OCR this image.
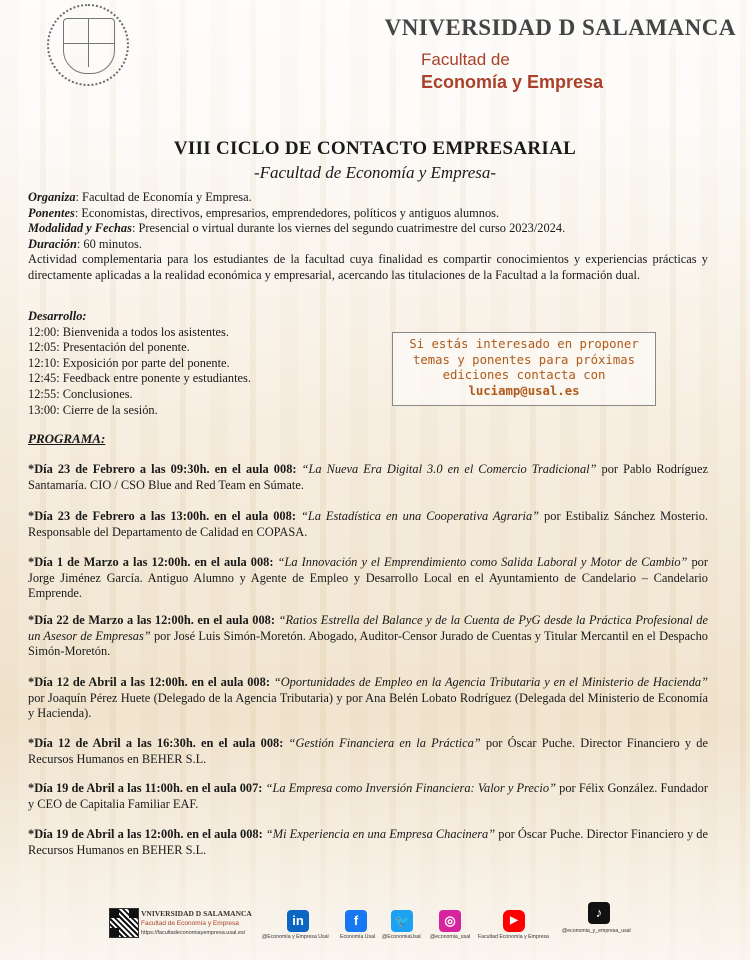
VNIVERSIDAD D SALAMANCA
Facultad de
Economía y Empresa
VIII CICLO DE CONTACTO EMPRESARIAL
-Facultad de Economía y Empresa-
Organiza: Facultad de Economía y Empresa.
Ponentes: Economistas, directivos, empresarios, emprendedores, políticos y antiguos alumnos.
Modalidad y Fechas: Presencial o virtual durante los viernes del segundo cuatrimestre del curso 2023/2024.
Duración: 60 minutos.
Actividad complementaria para los estudiantes de la facultad cuya finalidad es compartir conocimientos y experiencias prácticas y directamente aplicadas a la realidad económica y empresarial, acercando las titulaciones de la Facultad a la formación dual.
Desarrollo:
12:00: Bienvenida a todos los asistentes.
12:05: Presentación del ponente.
12:10: Exposición por parte del ponente.
12:45: Feedback entre ponente y estudiantes.
12:55: Conclusiones.
13:00: Cierre de la sesión.
Si estás interesado en proponer
temas y ponentes para próximas
ediciones contacta con
luciamp@usal.es
PROGRAMA:
*Día 23 de Febrero a las 09:30h. en el aula 008: “La Nueva Era Digital 3.0 en el Comercio Tradicional” por Pablo Rodríguez Santamaría. CIO / CSO Blue and Red Team en Súmate.
*Día 23 de Febrero a las 13:00h. en el aula 008: “La Estadística en una Cooperativa Agraria” por Estibaliz Sánchez Mosterio. Responsable del Departamento de Calidad en COPASA.
*Día 1 de Marzo a las 12:00h. en el aula 008: “La Innovación y el Emprendimiento como Salida Laboral y Motor de Cambio” por Jorge Jiménez García. Antiguo Alumno y Agente de Empleo y Desarrollo Local en el Ayuntamiento de Candelario – Candelario Emprende.
*Día 22 de Marzo a las 12:00h. en el aula 008: “Ratios Estrella del Balance y de la Cuenta de PyG desde la Práctica Profesional de un Asesor de Empresas” por José Luis Simón-Moretón. Abogado, Auditor-Censor Jurado de Cuentas y Titular Mercantil en el Despacho Simón-Moretón.
*Día 12 de Abril a las 12:00h. en el aula 008: “Oportunidades de Empleo en la Agencia Tributaria y en el Ministerio de Hacienda” por Joaquín Pérez Huete (Delegado de la Agencia Tributaria) y por Ana Belén Lobato Rodríguez (Delegada del Ministerio de Economía y Hacienda).
*Día 12 de Abril a las 16:30h. en el aula 008: “Gestión Financiera en la Práctica” por Óscar Puche. Director Financiero y de Recursos Humanos en BEHER S.L.
*Día 19 de Abril a las 11:00h. en el aula 007: “La Empresa como Inversión Financiera: Valor y Precio” por Félix González. Fundador y CEO de Capitalia Familiar EAF.
*Día 19 de Abril a las 12:00h. en el aula 008: “Mi Experiencia en una Empresa Chacinera” por Óscar Puche. Director Financiero y de Recursos Humanos en BEHER S.L.
VNIVERSIDAD D SALAMANCA
Facultad de Economía y Empresa
https://facultadeconomiayempresa.usal.es/
in
@Economía y Empresa Usal
f
Economía Usal
🐦
@EconomiaUsal
◎
@economia_usal
▶
Facultad Economía y Empresa
♪
@economia_y_empresa_usal
